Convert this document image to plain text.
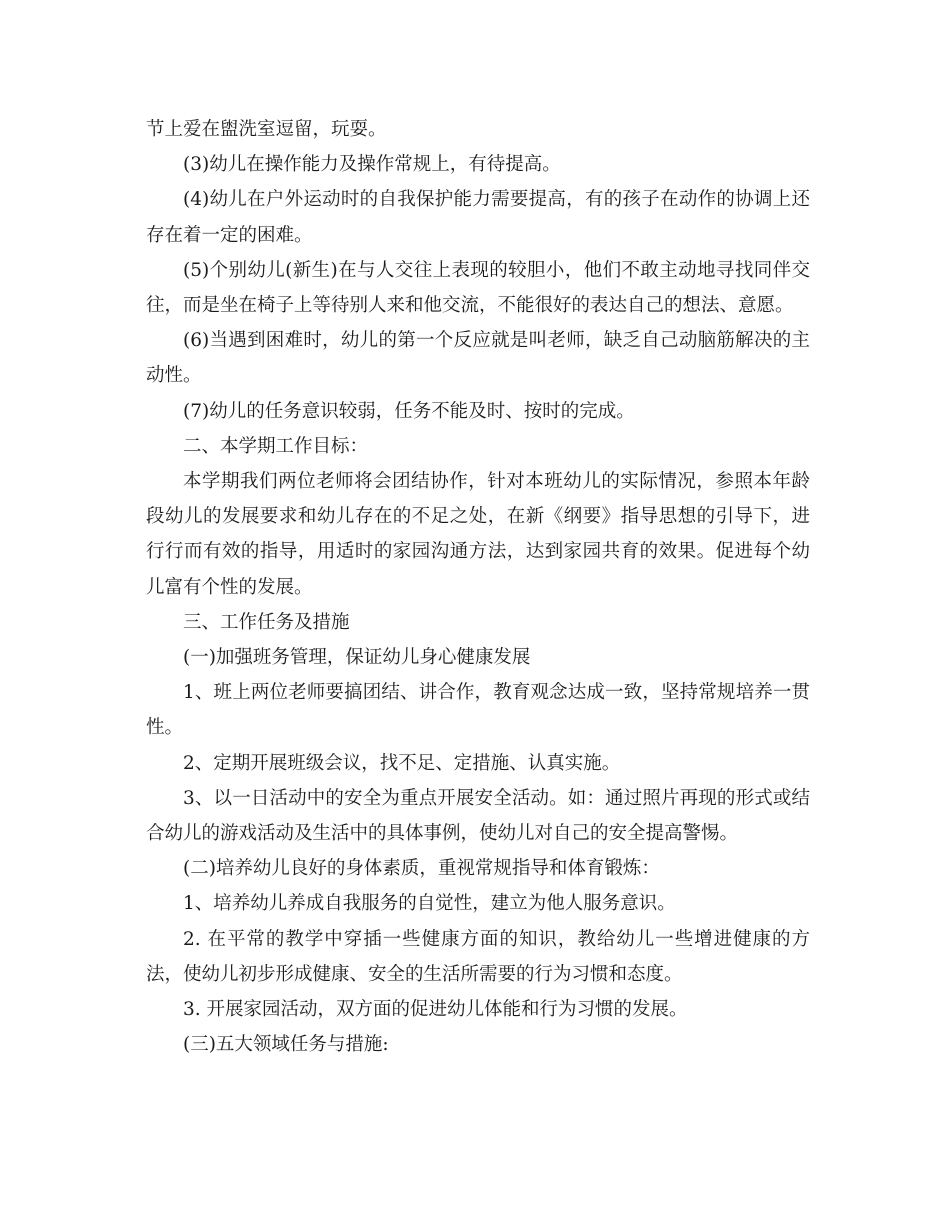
节上爱在盥洗室逗留，玩耍。

(3)幼儿在操作能力及操作常规上，有待提高。

(4)幼儿在户外运动时的自我保护能力需要提高，有的孩子在动作的协调上还存在着一定的困难。

(5)个别幼儿(新生)在与人交往上表现的较胆小，他们不敢主动地寻找同伴交往，而是坐在椅子上等待别人来和他交流，不能很好的表达自己的想法、意愿。

(6)当遇到困难时，幼儿的第一个反应就是叫老师，缺乏自己动脑筋解决的主动性。

(7)幼儿的任务意识较弱，任务不能及时、按时的完成。

二、本学期工作目标：

本学期我们两位老师将会团结协作，针对本班幼儿的实际情况，参照本年龄段幼儿的发展要求和幼儿存在的不足之处，在新《纲要》指导思想的引导下，进行行而有效的指导，用适时的家园沟通方法，达到家园共育的效果。促进每个幼儿富有个性的发展。

三、工作任务及措施

(一)加强班务管理，保证幼儿身心健康发展

1、班上两位老师要搞团结、讲合作，教育观念达成一致，坚持常规培养一贯性。

2、定期开展班级会议，找不足、定措施、认真实施。

3、以一日活动中的安全为重点开展安全活动。如：通过照片再现的形式或结合幼儿的游戏活动及生活中的具体事例，使幼儿对自己的安全提高警惕。

(二)培养幼儿良好的身体素质，重视常规指导和体育锻炼：

1、培养幼儿养成自我服务的自觉性，建立为他人服务意识。

2. 在平常的教学中穿插一些健康方面的知识，教给幼儿一些增进健康的方法，使幼儿初步形成健康、安全的生活所需要的行为习惯和态度。

3. 开展家园活动，双方面的促进幼儿体能和行为习惯的发展。

(三)五大领域任务与措施:
